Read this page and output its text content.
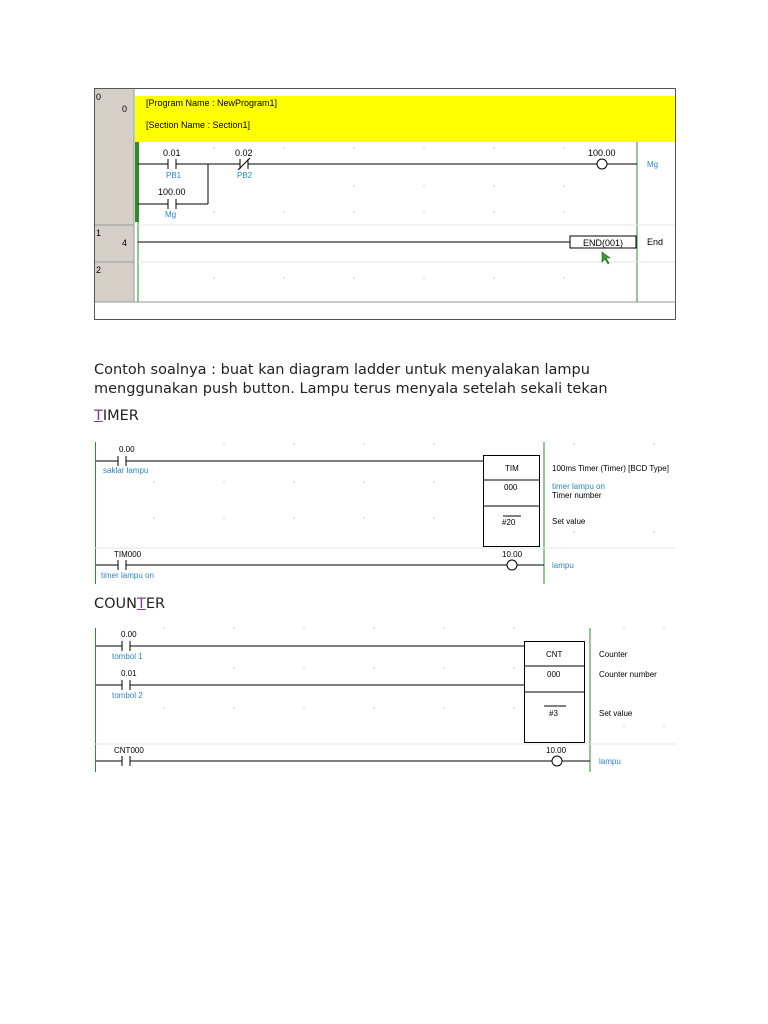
0
1
2
0
4
[Program Name : NewProgram1]
[Section Name : Section1]
0.01
PB1
0.02
PB2
100.00
Mg
100.00
Mg
END(001)	End
Contoh soalnya : buat kan diagram ladder untuk menyalakan lampu
menggunakan push button. Lampu terus menyala setelah sekali tekan
TIMER
0.00
saklar lampu	TIM
000
#20
100ms Timer (Timer) [BCD Type]
timer lampu on
Timer number
Set value
TIM000
timer lampu on
10.00
lampu
COUNTER
0.00
tombol 1
0.01
tombol 2
CNT
000
#3
Counter
Counter number
Set value
CNT000	10.00
lampu
